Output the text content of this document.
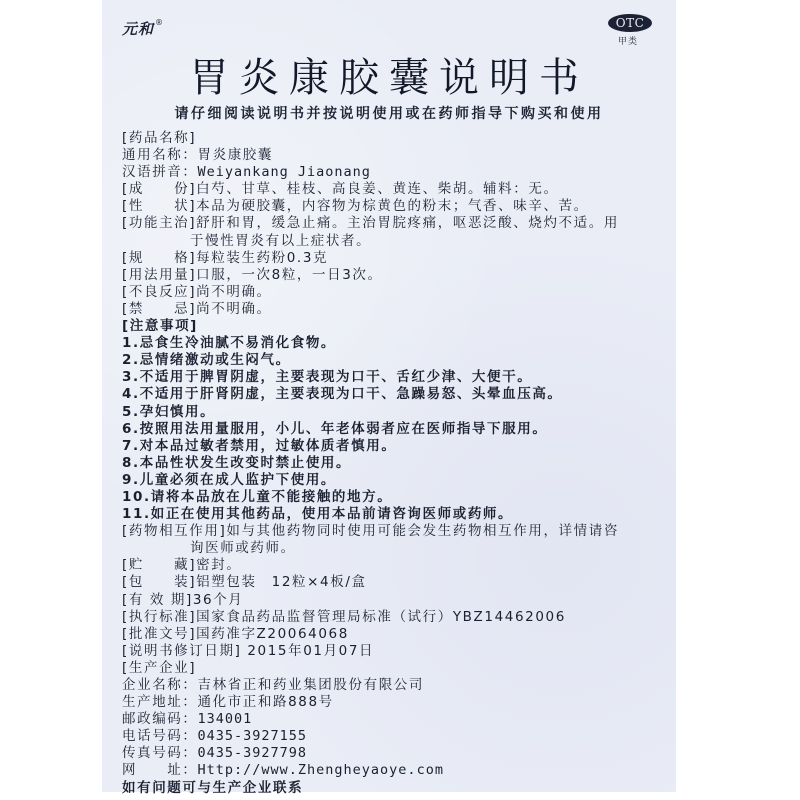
元和®	OTC
甲类
胃炎康胶囊说明书
请仔细阅读说明书并按说明使用或在药师指导下购买和使用
[药品名称]
通用名称：胃炎康胶囊
汉语拼音：Weiyankang Jiaonang
[成　　份]白芍、甘草、桂枝、高良姜、黄连、柴胡。辅料：无。
[性　　状]本品为硬胶囊，内容物为棕黄色的粉末；气香、味辛、苦。
[功能主治]舒肝和胃，缓急止痛。主治胃脘疼痛，呕恶泛酸、烧灼不适。用
于慢性胃炎有以上症状者。
[规　　格]每粒装生药粉0.3克
[用法用量]口服，一次8粒，一日3次。
[不良反应]尚不明确。
[禁　　忌]尚不明确。
[注意事项]
1.忌食生冷油腻不易消化食物。
2.忌情绪激动或生闷气。
3.不适用于脾胃阴虚，主要表现为口干、舌红少津、大便干。
4.不适用于肝肾阴虚，主要表现为口干、急躁易怒、头晕血压高。
5.孕妇慎用。
6.按照用法用量服用，小儿、年老体弱者应在医师指导下服用。
7.对本品过敏者禁用，过敏体质者慎用。
8.本品性状发生改变时禁止使用。
9.儿童必须在成人监护下使用。
10.请将本品放在儿童不能接触的地方。
11.如正在使用其他药品，使用本品前请咨询医师或药师。
[药物相互作用]如与其他药物同时使用可能会发生药物相互作用，详情请咨
询医师或药师。
[贮　　藏]密封。
[包　　装]铝塑包装　12粒×4板/盒
[有 效 期]36个月
[执行标准]国家食品药品监督管理局标准（试行）YBZ14462006
[批准文号]国药准字Z20064068
[说明书修订日期] 2015年01月07日
[生产企业]
企业名称：吉林省正和药业集团股份有限公司
生产地址：通化市正和路888号
邮政编码：134001
电话号码：0435-3927155
传真号码：0435-3927798
网　　址：Http://www.Zhengheyaoye.com
如有问题可与生产企业联系
